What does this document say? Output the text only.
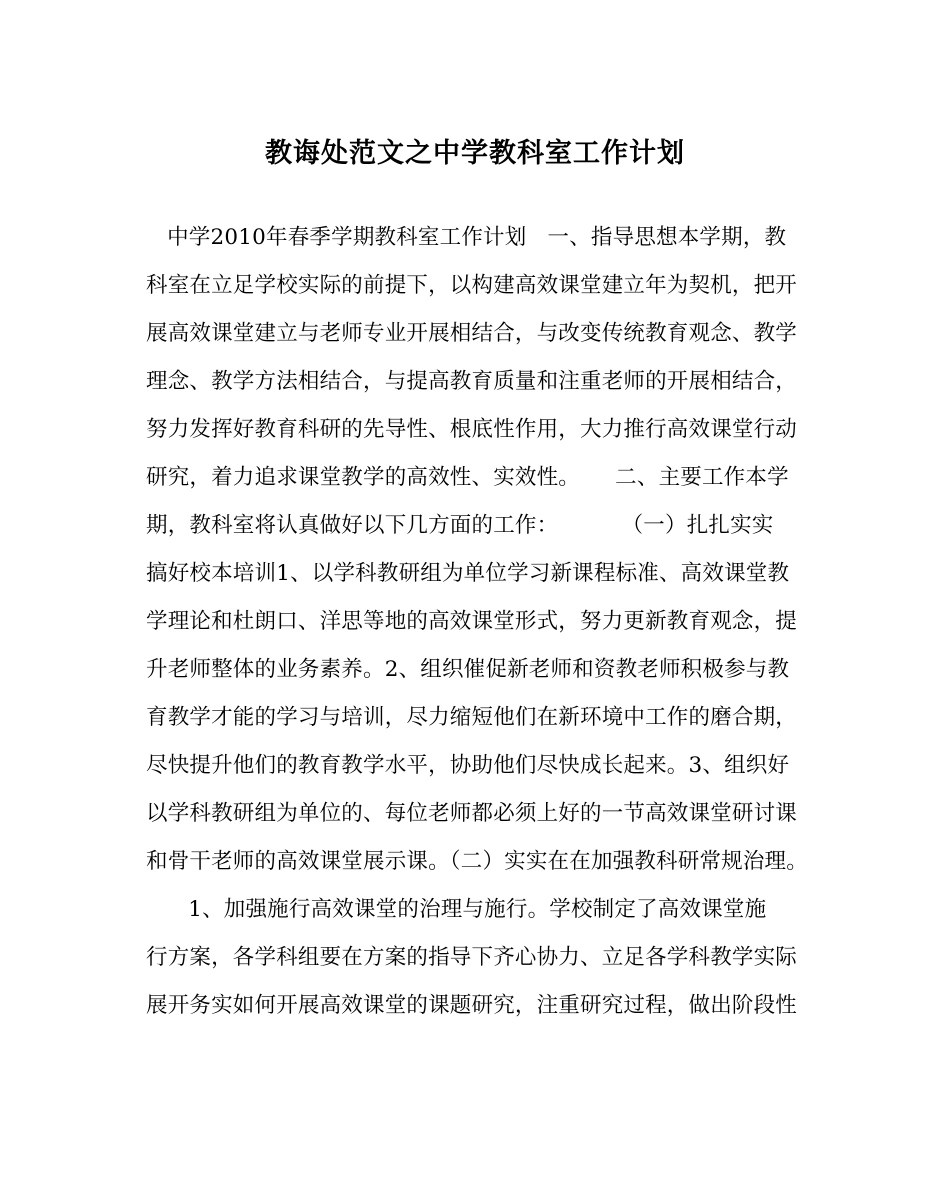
教诲处范文之中学教科室工作计划
中学2010年春季学期教科室工作计划   一、指导思想本学期，教
科室在立足学校实际的前提下，以构建高效课堂建立年为契机，把开
展高效课堂建立与老师专业开展相结合，与改变传统教育观念、教学
理念、教学方法相结合，与提高教育质量和注重老师的开展相结合，
努力发挥好教育科研的先导性、根底性作用，大力推行高效课堂行动
研究，着力追求课堂教学的高效性、实效性。     二、主要工作本学
期，教科室将认真做好以下几方面的工作：         （一）扎扎实实
搞好校本培训1、以学科教研组为单位学习新课程标准、高效课堂教
学理论和杜朗口、洋思等地的高效课堂形式，努力更新教育观念，提
升老师整体的业务素养。2、组织催促新老师和资教老师积极参与教
育教学才能的学习与培训，尽力缩短他们在新环境中工作的磨合期，
尽快提升他们的教育教学水平，协助他们尽快成长起来。3、组织好
以学科教研组为单位的、每位老师都必须上好的一节高效课堂研讨课
和骨干老师的高效课堂展示课。（二）实实在在加强教科研常规治理。
1、加强施行高效课堂的治理与施行。学校制定了高效课堂施
行方案，各学科组要在方案的指导下齐心协力、立足各学科教学实际
展开务实如何开展高效课堂的课题研究，注重研究过程，做出阶段性
